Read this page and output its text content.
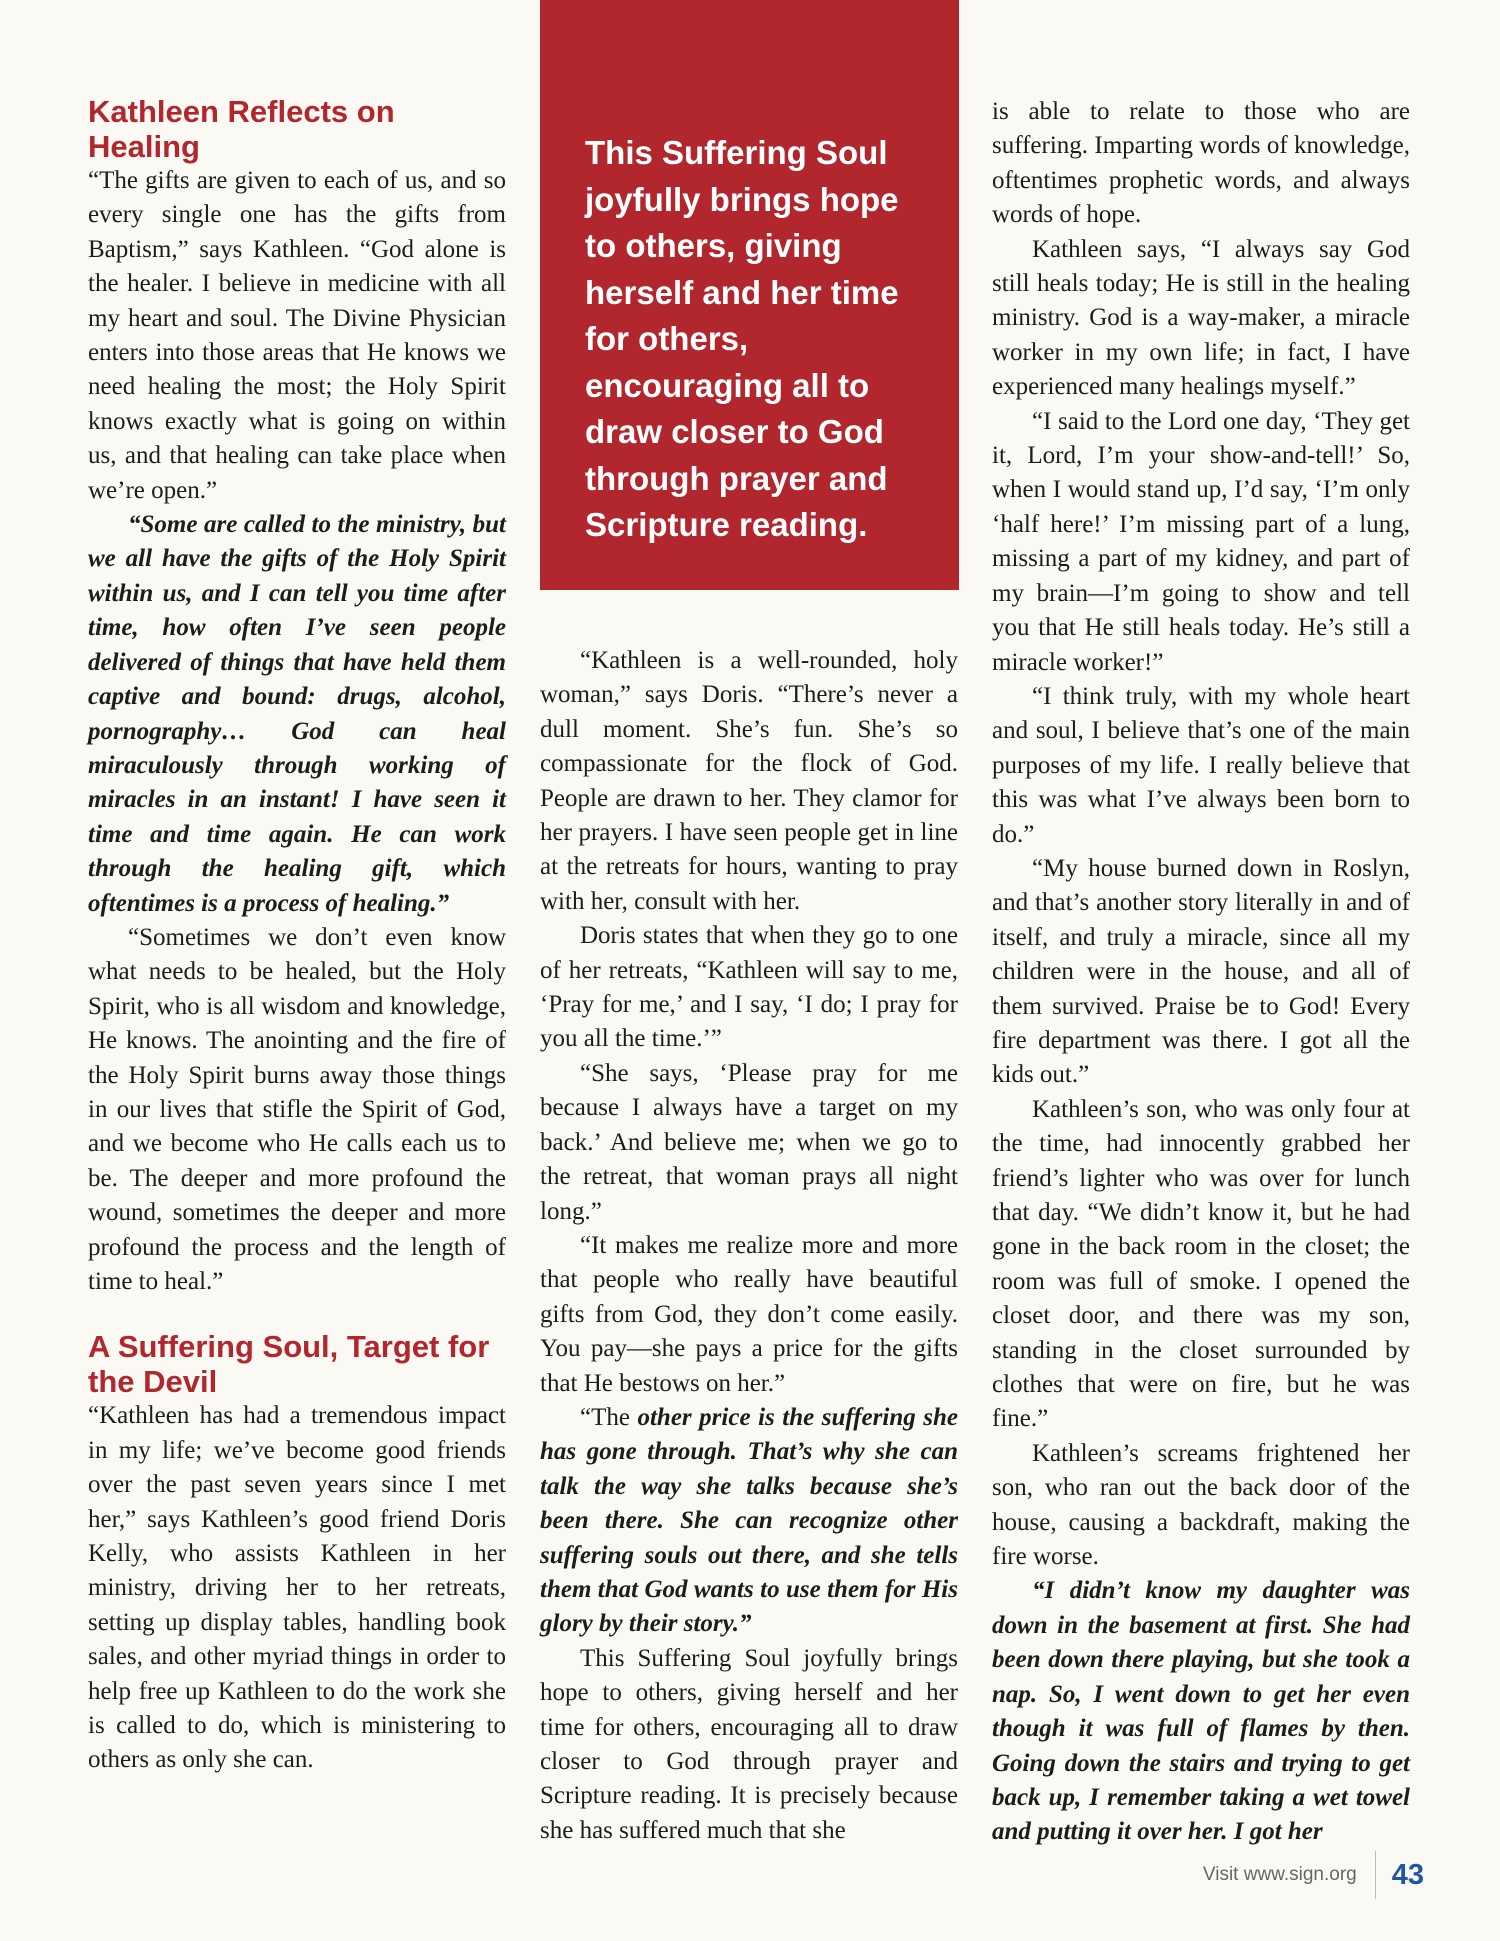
This Suffering Soul joyfully brings hope to others, giving herself and her time for others, encouraging all to draw closer to God through prayer and Scripture reading.
Kathleen Reflects on Healing

“The gifts are given to each of us, and so every single one has the gifts from Baptism,” says Kathleen. “God alone is the healer. I believe in medicine with all my heart and soul. The Divine Physician enters into those areas that He knows we need healing the most; the Holy Spirit knows exactly what is going on within us, and that healing can take place when we’re open.”

“Some are called to the ministry, but we all have the gifts of the Holy Spirit within us, and I can tell you time after time, how often I’ve seen people delivered of things that have held them captive and bound: drugs, alcohol, pornography… God can heal miraculously through working of miracles in an instant! I have seen it time and time again. He can work through the healing gift, which oftentimes is a process of healing.”

“Sometimes we don’t even know what needs to be healed, but the Holy Spirit, who is all wisdom and knowledge, He knows. The anointing and the fire of the Holy Spirit burns away those things in our lives that stifle the Spirit of God, and we become who He calls each us to be. The deeper and more profound the wound, sometimes the deeper and more profound the process and the length of time to heal.”

A Suffering Soul, Target for the Devil

“Kathleen has had a tremendous impact in my life; we’ve become good friends over the past seven years since I met her,” says Kathleen’s good friend Doris Kelly, who assists Kathleen in her ministry, driving her to her retreats, setting up display tables, handling book sales, and other myriad things in order to help free up Kathleen to do the work she is called to do, which is ministering to others as only she can.

“Kathleen is a well-rounded, holy woman,” says Doris. “There’s never a dull moment. She’s fun. She’s so compassionate for the flock of God. People are drawn to her. They clamor for her prayers. I have seen people get in line at the retreats for hours, wanting to pray with her, consult with her.

Doris states that when they go to one of her retreats, “Kathleen will say to me, ‘Pray for me,’ and I say, ‘I do; I pray for you all the time.’”

“She says, ‘Please pray for me because I always have a target on my back.’ And believe me; when we go to the retreat, that woman prays all night long.”

“It makes me realize more and more that people who really have beautiful gifts from God, they don’t come easily. You pay—she pays a price for the gifts that He bestows on her.”

“The other price is the suffering she has gone through. That’s why she can talk the way she talks because she’s been there. She can recognize other suffering souls out there, and she tells them that God wants to use them for His glory by their story.”

This Suffering Soul joyfully brings hope to others, giving herself and her time for others, encouraging all to draw closer to God through prayer and Scripture reading. It is precisely because she has suffered much that she

is able to relate to those who are suffering. Imparting words of knowledge, oftentimes prophetic words, and always words of hope.

Kathleen says, “I always say God still heals today; He is still in the healing ministry. God is a way-maker, a miracle worker in my own life; in fact, I have experienced many healings myself.”

“I said to the Lord one day, ‘They get it, Lord, I’m your show-and-tell!’ So, when I would stand up, I’d say, ‘I’m only ‘half here!’ I’m missing part of a lung, missing a part of my kidney, and part of my brain—I’m going to show and tell you that He still heals today. He’s still a miracle worker!”

“I think truly, with my whole heart and soul, I believe that’s one of the main purposes of my life. I really believe that this was what I’ve always been born to do.”

“My house burned down in Roslyn, and that’s another story literally in and of itself, and truly a miracle, since all my children were in the house, and all of them survived. Praise be to God! Every fire department was there. I got all the kids out.”

Kathleen’s son, who was only four at the time, had innocently grabbed her friend’s lighter who was over for lunch that day. “We didn’t know it, but he had gone in the back room in the closet; the room was full of smoke. I opened the closet door, and there was my son, standing in the closet surrounded by clothes that were on fire, but he was fine.”

Kathleen’s screams frightened her son, who ran out the back door of the house, causing a backdraft, making the fire worse.

“I didn’t know my daughter was down in the basement at first. She had been down there playing, but she took a nap. So, I went down to get her even though it was full of flames by then. Going down the stairs and trying to get back up, I remember taking a wet towel and putting it over her. I got her

Visit www.sign.org 43
